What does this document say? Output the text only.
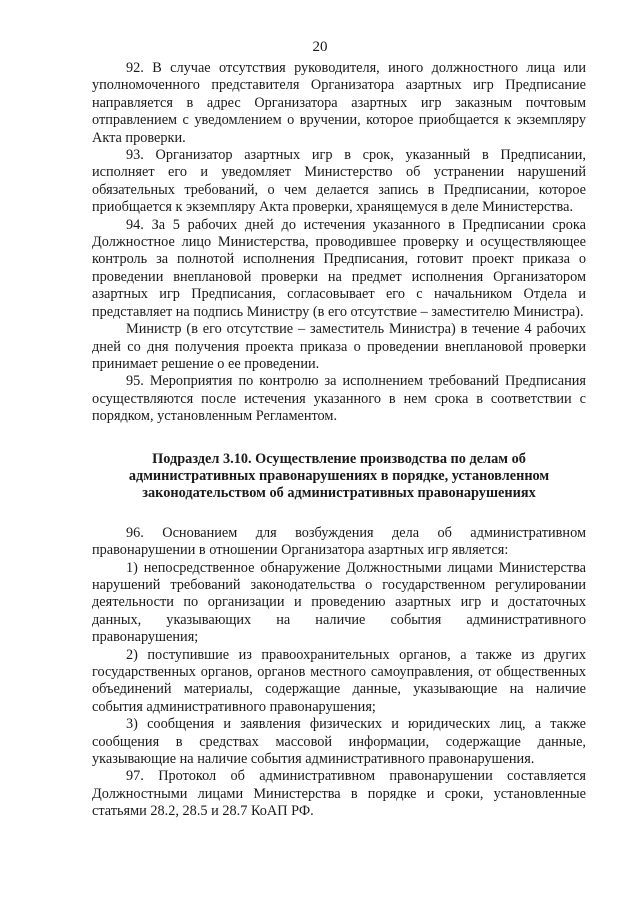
20

92. В случае отсутствия руководителя, иного должностного лица или уполномоченного представителя Организатора азартных игр Предписание направляется в адрес Организатора азартных игр заказным почтовым отправлением с уведомлением о вручении, которое приобщается к экземпляру Акта проверки.

93. Организатор азартных игр в срок, указанный в Предписании, исполняет его и уведомляет Министерство об устранении нарушений обязательных требований, о чем делается запись в Предписании, которое приобщается к экземпляру Акта проверки, хранящемуся в деле Министерства.

94. За 5 рабочих дней до истечения указанного в Предписании срока Должностное лицо Министерства, проводившее проверку и осуществляющее контроль за полнотой исполнения Предписания, готовит проект приказа о проведении внеплановой проверки на предмет исполнения Организатором азартных игр Предписания, согласовывает его с начальником Отдела и представляет на подпись Министру (в его отсутствие – заместителю Министра).

Министр (в его отсутствие – заместитель Министра) в течение 4 рабочих дней со дня получения проекта приказа о проведении внеплановой проверки принимает решение о ее проведении.

95. Мероприятия по контролю за исполнением требований Предписания осуществляются после истечения указанного в нем срока в соответствии с порядком, установленным Регламентом.

Подраздел 3.10. Осуществление производства по делам об административных правонарушениях в порядке, установленном законодательством об административных правонарушениях

96. Основанием для возбуждения дела об административном правонарушении в отношении Организатора азартных игр является:

1) непосредственное обнаружение Должностными лицами Министерства нарушений требований законодательства о государственном регулировании деятельности по организации и проведению азартных игр и достаточных данных, указывающих на наличие события административного правонарушения;

2) поступившие из правоохранительных органов, а также из других государственных органов, органов местного самоуправления, от общественных объединений материалы, содержащие данные, указывающие на наличие события административного правонарушения;

3) сообщения и заявления физических и юридических лиц, а также сообщения в средствах массовой информации, содержащие данные, указывающие на наличие события административного правонарушения.

97. Протокол об административном правонарушении составляется Должностными лицами Министерства в порядке и сроки, установленные статьями 28.2, 28.5 и 28.7 КоАП РФ.
